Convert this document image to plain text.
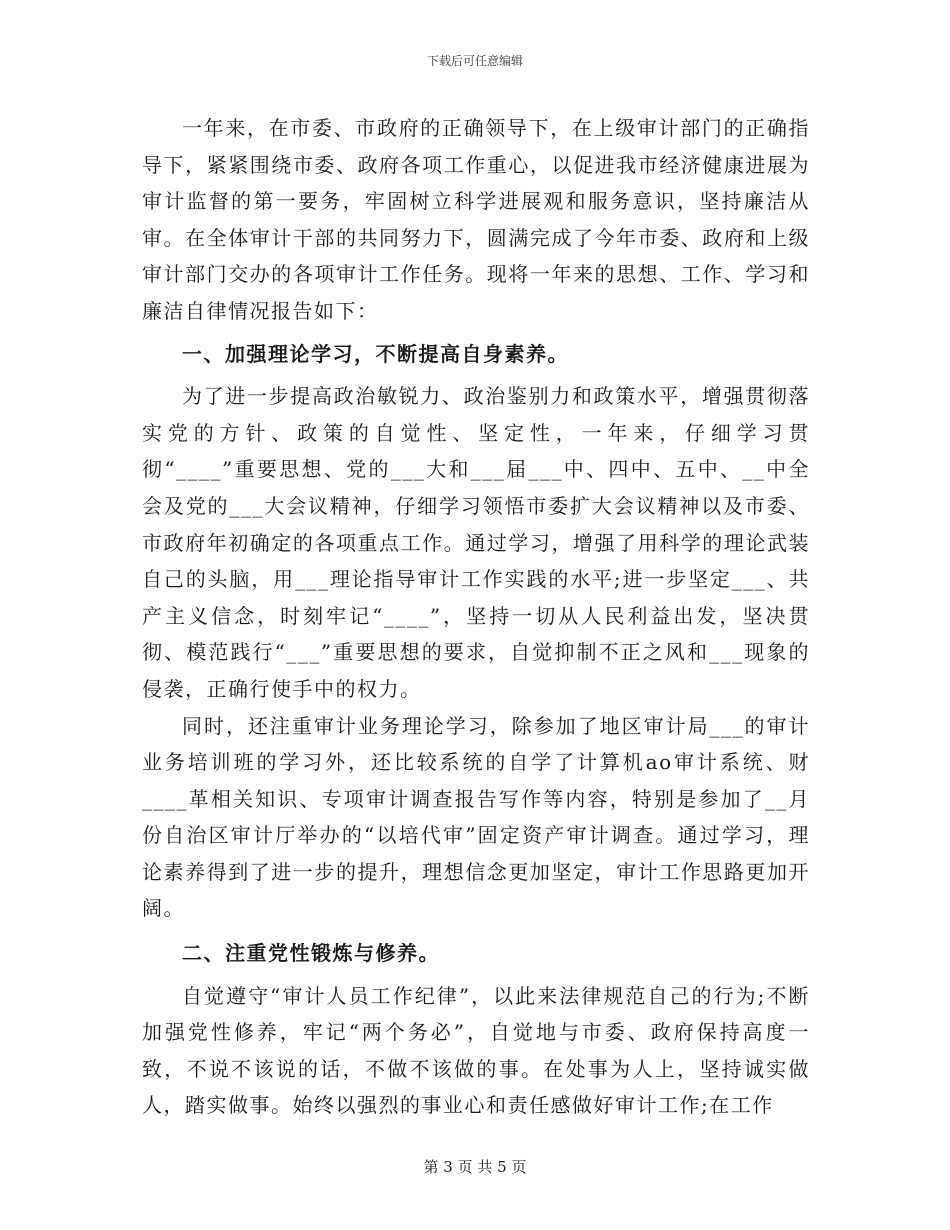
下载后可任意编辑

一年来，在市委、市政府的正确领导下，在上级审计部门的正确指导下，紧紧围绕市委、政府各项工作重心，以促进我市经济健康进展为审计监督的第一要务，牢固树立科学进展观和服务意识，坚持廉洁从审。在全体审计干部的共同努力下，圆满完成了今年市委、政府和上级审计部门交办的各项审计工作任务。现将一年来的思想、工作、学习和廉洁自律情况报告如下：

一、加强理论学习，不断提高自身素养。

为了进一步提高政治敏锐力、政治鉴别力和政策水平，增强贯彻落实党的方针、政策的自觉性、坚定性，一年来，仔细学习贯彻“____”重要思想、党的___大和___届___中、四中、五中、__中全会及党的___大会议精神，仔细学习领悟市委扩大会议精神以及市委、市政府年初确定的各项重点工作。通过学习，增强了用科学的理论武装自己的头脑，用___理论指导审计工作实践的水平;进一步坚定___、共产主义信念，时刻牢记“____”，坚持一切从人民利益出发，坚决贯彻、模范践行“___”重要思想的要求，自觉抑制不正之风和___现象的侵袭，正确行使手中的权力。

同时，还注重审计业务理论学习，除参加了地区审计局___的审计业务培训班的学习外，还比较系统的自学了计算机ao审计系统、财____革相关知识、专项审计调查报告写作等内容，特别是参加了__月份自治区审计厅举办的“以培代审”固定资产审计调查。通过学习，理论素养得到了进一步的提升，理想信念更加坚定，审计工作思路更加开阔。

二、注重党性锻炼与修养。

自觉遵守“审计人员工作纪律”，以此来法律规范自己的行为;不断加强党性修养，牢记“两个务必”，自觉地与市委、政府保持高度一致，不说不该说的话，不做不该做的事。在处事为人上，坚持诚实做人，踏实做事。始终以强烈的事业心和责任感做好审计工作;在工作

第 3 页 共 5 页
